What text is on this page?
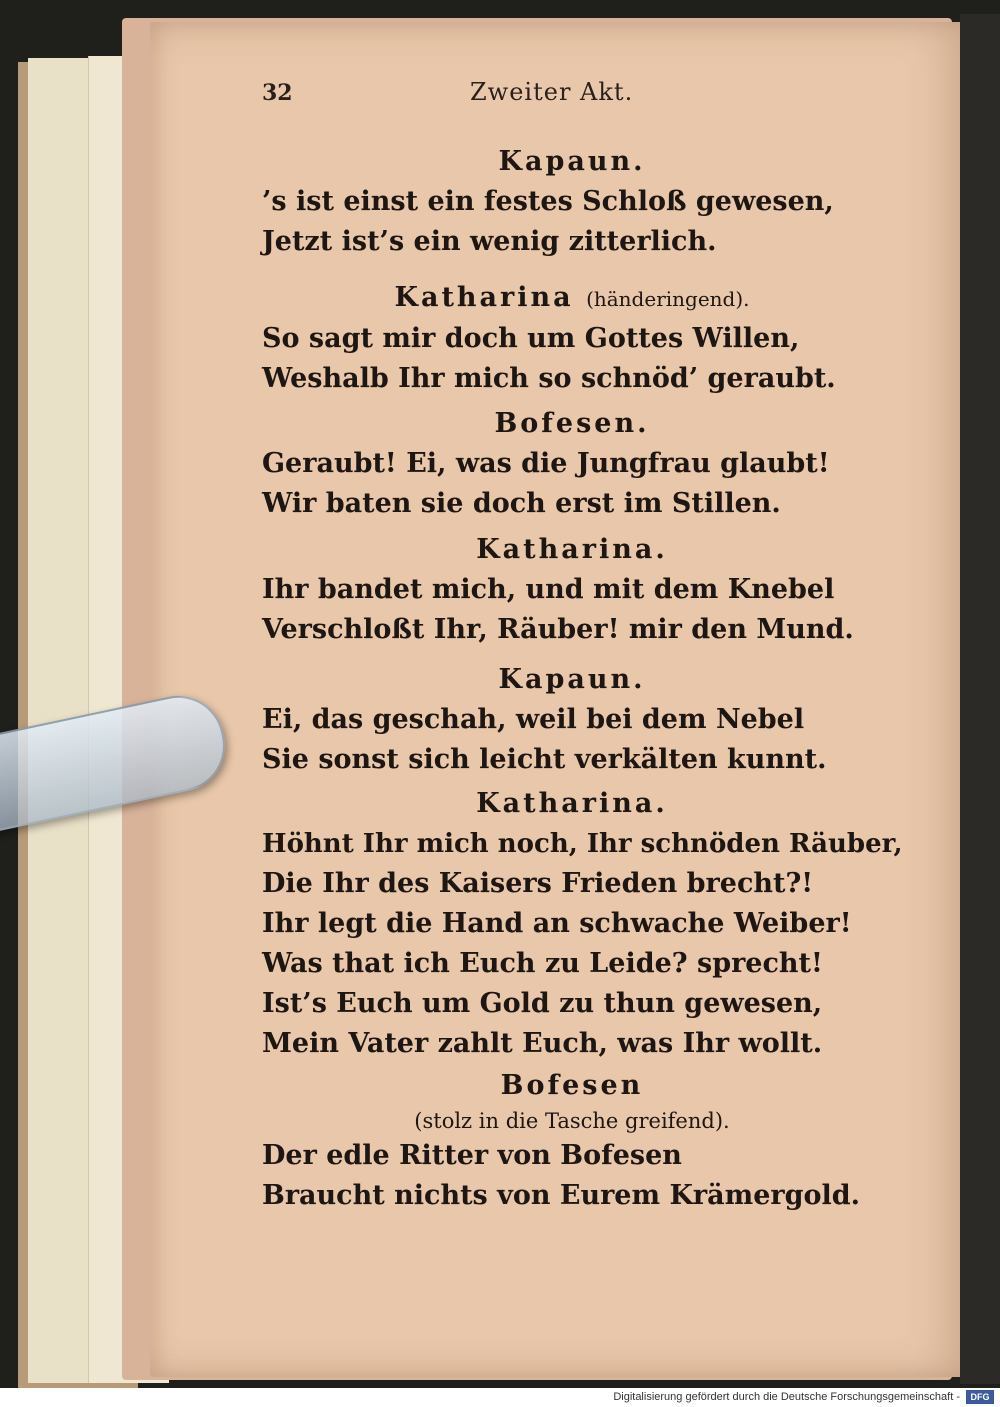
32	Zweiter Akt.
Kapaun.
’s ist einst ein festes Schloß gewesen,
Jetzt ist’s ein wenig zitterlich.
Katharina (händeringend).
So sagt mir doch um Gottes Willen,
Weshalb Ihr mich so schnöd’ geraubt.
Bofesen.
Geraubt! Ei, was die Jungfrau glaubt!
Wir baten sie doch erst im Stillen.
Katharina.
Ihr bandet mich, und mit dem Knebel
Verschloßt Ihr, Räuber! mir den Mund.
Kapaun.
Ei, das geschah, weil bei dem Nebel
Sie sonst sich leicht verkälten kunnt.
Katharina.
Höhnt Ihr mich noch, Ihr schnöden Räuber,
Die Ihr des Kaisers Frieden brecht?!
Ihr legt die Hand an schwache Weiber!
Was that ich Euch zu Leide? sprecht!
Ist’s Euch um Gold zu thun gewesen,
Mein Vater zahlt Euch, was Ihr wollt.
Bofesen
(stolz in die Tasche greifend).
Der edle Ritter von Bofesen
Braucht nichts von Eurem Krämergold.
Digitalisierung gefördert durch die Deutsche Forschungsgemeinschaft -	DFG
